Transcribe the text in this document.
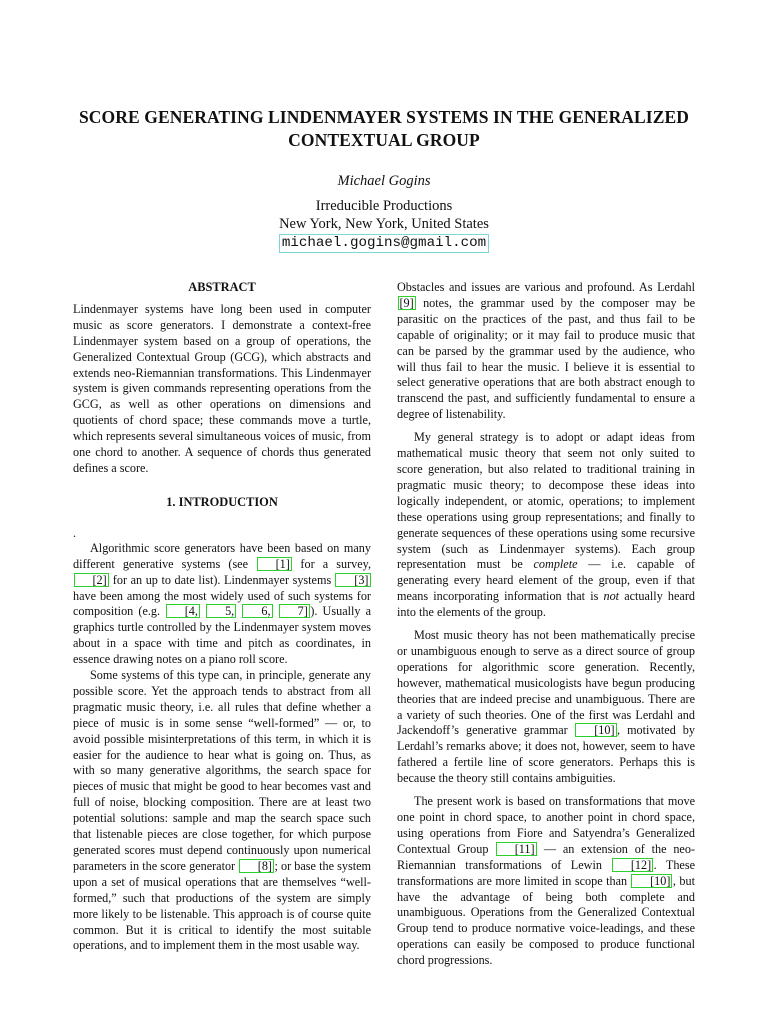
SCORE GENERATING LINDENMAYER SYSTEMS IN THE GENERALIZED
CONTEXTUAL GROUP
Michael Gogins
Irreducible Productions
New York, New York, United States
michael.gogins@gmail.com
ABSTRACT

Lindenmayer systems have long been used in computer music as score generators. I demonstrate a context-free Lindenmayer system based on a group of operations, the Generalized Contextual Group (GCG), which abstracts and extends neo-Riemannian transformations. This Lindenmayer system is given commands representing operations from the GCG, as well as other operations on dimensions and quotients of chord space; these commands move a turtle, which represents several simultaneous voices of music, from one chord to another. A sequence of chords thus generated defines a score.

1. INTRODUCTION
.

Algorithmic score generators have been based on many different generative systems (see [1] for a survey, [2] for an up to date list). Lindenmayer systems [3] have been among the most widely used of such systems for composition (e.g. [4, 5, 6, 7] ). Usually a graphics turtle controlled by the Lindenmayer system moves about in a space with time and pitch as coordinates, in essence drawing notes on a piano roll score.

Some systems of this type can, in principle, generate any possible score. Yet the approach tends to abstract from all pragmatic music theory, i.e. all rules that define whether a piece of music is in some sense “well-formed” — or, to avoid possible misinterpretations of this term, in which it is easier for the audience to hear what is going on. Thus, as with so many generative algorithms, the search space for pieces of music that might be good to hear becomes vast and full of noise, blocking composition. There are at least two potential solutions: sample and map the search space such that listenable pieces are close together, for which purpose generated scores must depend continuously upon numerical parameters in the score generator [8] ; or base the system upon a set of musical operations that are themselves “well-formed,” such that productions of the system are simply more likely to be listenable. This approach is of course quite common. But it is critical to identify the most suitable operations, and to implement them in the most usable way.

Obstacles and issues are various and profound. As Lerdahl [9] notes, the grammar used by the composer may be parasitic on the practices of the past, and thus fail to be capable of originality; or it may fail to produce music that can be parsed by the grammar used by the audience, who will thus fail to hear the music. I believe it is essential to select generative operations that are both abstract enough to transcend the past, and sufficiently fundamental to ensure a degree of listenability.

My general strategy is to adopt or adapt ideas from mathematical music theory that seem not only suited to score generation, but also related to traditional training in pragmatic music theory; to decompose these ideas into logically independent, or atomic, operations; to implement these operations using group representations; and finally to generate sequences of these operations using some recursive system (such as Lindenmayer systems). Each group representation must be complete — i.e. capable of generating every heard element of the group, even if that means incorporating information that is not actually heard into the elements of the group.

Most music theory has not been mathematically precise or unambiguous enough to serve as a direct source of group operations for algorithmic score generation. Recently, however, mathematical musicologists have begun producing theories that are indeed precise and unambiguous. There are a variety of such theories. One of the first was Lerdahl and Jackendoff’s generative grammar [10] , motivated by Lerdahl’s remarks above; it does not, however, seem to have fathered a fertile line of score generators. Perhaps this is because the theory still contains ambiguities.

The present work is based on transformations that move one point in chord space, to another point in chord space, using operations from Fiore and Satyendra’s Generalized Contextual Group [11] — an extension of the neo-Riemannian transformations of Lewin [12] . These transformations are more limited in scope than [10] , but have the advantage of being both complete and unambiguous. Operations from the Generalized Contextual Group tend to produce normative voice-leadings, and these operations can easily be composed to produce functional chord progressions.
